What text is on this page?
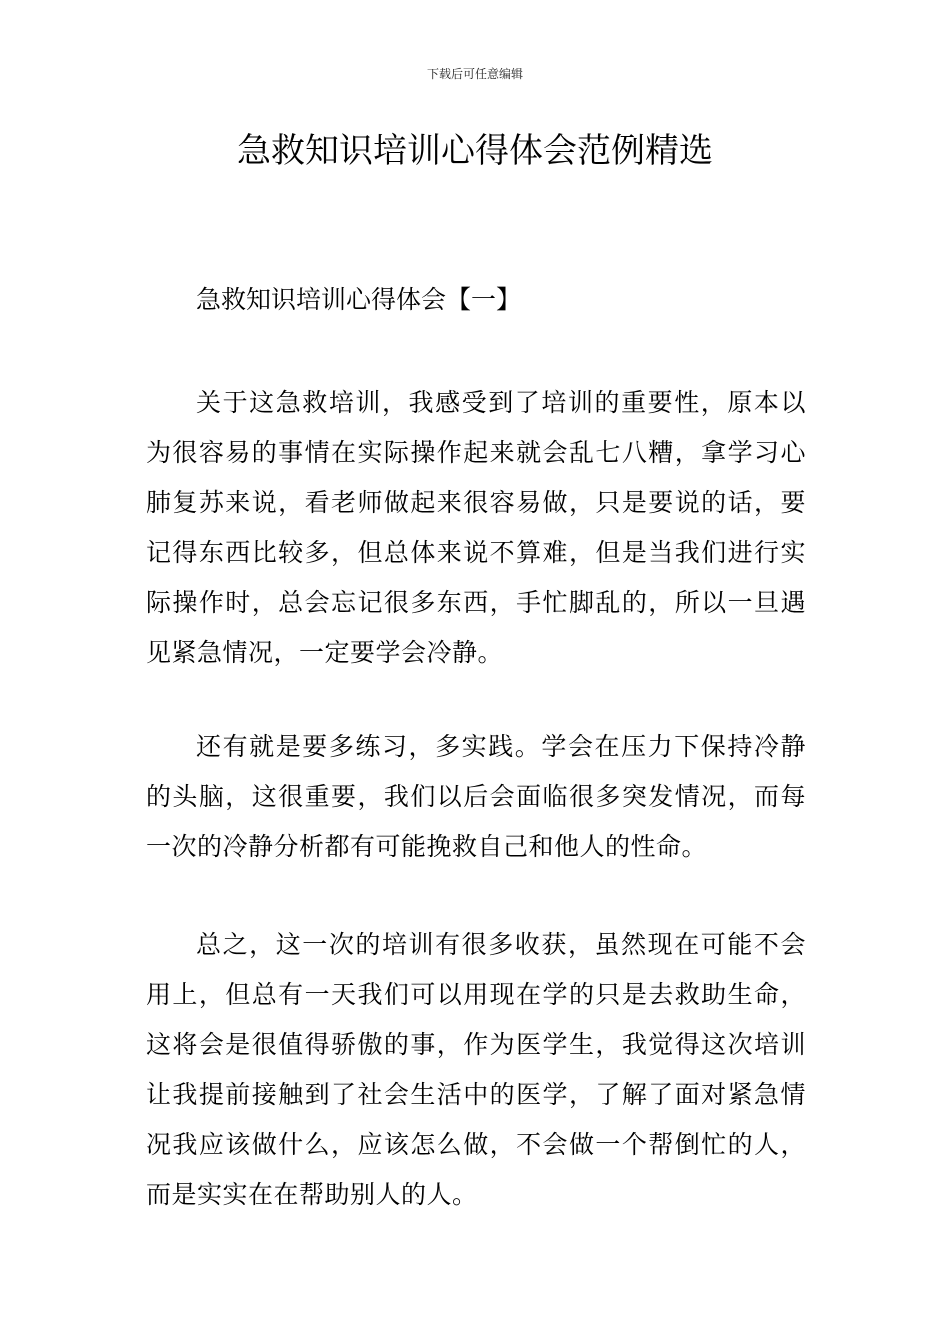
下载后可任意编辑
急救知识培训心得体会范例精选
急救知识培训心得体会【一】

关于这急救培训，我感受到了培训的重要性，原本以为很容易的事情在实际操作起来就会乱七八糟，拿学习心肺复苏来说，看老师做起来很容易做，只是要说的话，要记得东西比较多，但总体来说不算难，但是当我们进行实际操作时，总会忘记很多东西，手忙脚乱的，所以一旦遇见紧急情况，一定要学会冷静。

还有就是要多练习，多实践。学会在压力下保持冷静的头脑，这很重要，我们以后会面临很多突发情况，而每一次的冷静分析都有可能挽救自己和他人的性命。

总之，这一次的培训有很多收获，虽然现在可能不会用上，但总有一天我们可以用现在学的只是去救助生命，这将会是很值得骄傲的事，作为医学生，我觉得这次培训让我提前接触到了社会生活中的医学，了解了面对紧急情况我应该做什么，应该怎么做，不会做一个帮倒忙的人，而是实实在在帮助别人的人。
